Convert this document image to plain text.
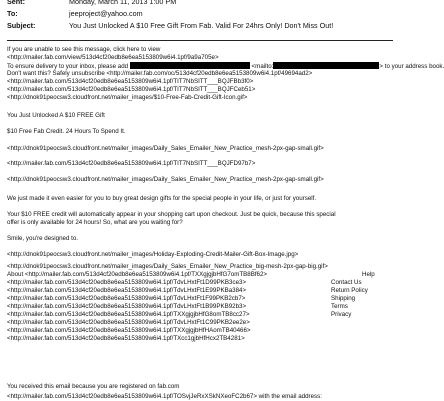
Sent:	Monday, March 11, 2013 1:00 PM
To:	jeeproject@yahoo.com
Subject:	You Just Unlocked A $10 Free Gift From Fab. Valid For 24hrs Only! Don't Miss Out!
If you are unable to see this message, click here to view
<http://mailer.fab.com/view/513d4cf20edb8e6ea5153809w6i4.1pf/9a9a705e>
To ensure delivery to your inbox, please add	<mailto:	> to your address book.
Don't want this? Safely unsubscribe <http://mailer.fab.com/oc/513d4cf20edb8e6ea5153809w6i4.1pf/49694ad2>
<http://mailer.fab.com/513d4cf20edb8e6ea5153809w6i4.1pf/TIT7NbSITT___BQJFBb3f0>
<http://mailer.fab.com/513d4cf20edb8e6ea5153809w6i4.1pf/TIT7NbSITT___BQJFCeb51>
<http://dnok91peocsw3.cloudfront.net/mailer_images/$10-Free-Fab-Credit-Gift-Icon.gif>
You Just Unlocked A $10 FREE Gift
$10 Free Fab Credit. 24 Hours To Spend It.
<http://dnok91peocsw3.cloudfront.net/mailer_images/Daily_Sales_Emailer_New_Practice_mesh-2px-gap-small.gif>
<http://mailer.fab.com/513d4cf20edb8e6ea5153809w6i4.1pf/TIT7NbSITT___BQJFD97b7>
<http://dnok91peocsw3.cloudfront.net/mailer_images/Daily_Sales_Emailer_New_Practice_mesh-2px-gap-small.gif>
We just made it even easier for you to buy great design gifts for the special people in your life, or just for yourself.
Your $10 FREE credit will automatically appear in your shopping cart upon checkout. Just be quick, because this special
offer is only available for 24 hours! So, what are you waiting for?
Smile, you're designed to.
<http://dnok91peocsw3.cloudfront.net/mailer_images/Holiday-Exploding-Credit-Mailer-Gift-Box-Image.jpg>
<http://dnok91peocsw3.cloudfront.net/mailer_images/Daily_Sales_Emailer_New_Practice_big-mesh-2px-gap-big.gif>
About <http://mailer.fab.com/513d4cf20edb8e6ea5153809w6i4.1pf/TXXgjgjbHfG7omTB8Bf62>	Help
<http://mailer.fab.com/513d4cf20edb8e6ea5153809w6i4.1pf/TdvLHxtFt1D99PKB3ce3>	Contact Us
<http://mailer.fab.com/513d4cf20edb8e6ea5153809w6i4.1pf/TdvLHxtFt1E99PKBa384>	Return Policy
<http://mailer.fab.com/513d4cf20edb8e6ea5153809w6i4.1pf/TdvLHxtFt1F99PKB2cb7>	Shipping
<http://mailer.fab.com/513d4cf20edb8e6ea5153809w6i4.1pf/TdvLHxtFt1B99PKB92b3>	Terms
<http://mailer.fab.com/513d4cf20edb8e6ea5153809w6i4.1pf/TXXgjgjbHfG8omTB8cc27>	Privacy
<http://mailer.fab.com/513d4cf20edb8e6ea5153809w6i4.1pf/TdvLHxtFt1C99PKB2ee2e>
<http://mailer.fab.com/513d4cf20edb8e6ea5153809w6i4.1pf/TXXgjgjbHfHAomTB40466>
<http://mailer.fab.com/513d4cf20edb8e6ea5153809w6i4.1pf/TXcc1gjbHfHcx2TB4281>
You received this email because you are registered on fab.com
<http://mailer.fab.com/513d4cf20edb8e6ea5153809w6i4.1pf/TOSvjJeRxXSkNXeoFC2b67> with the email address:
